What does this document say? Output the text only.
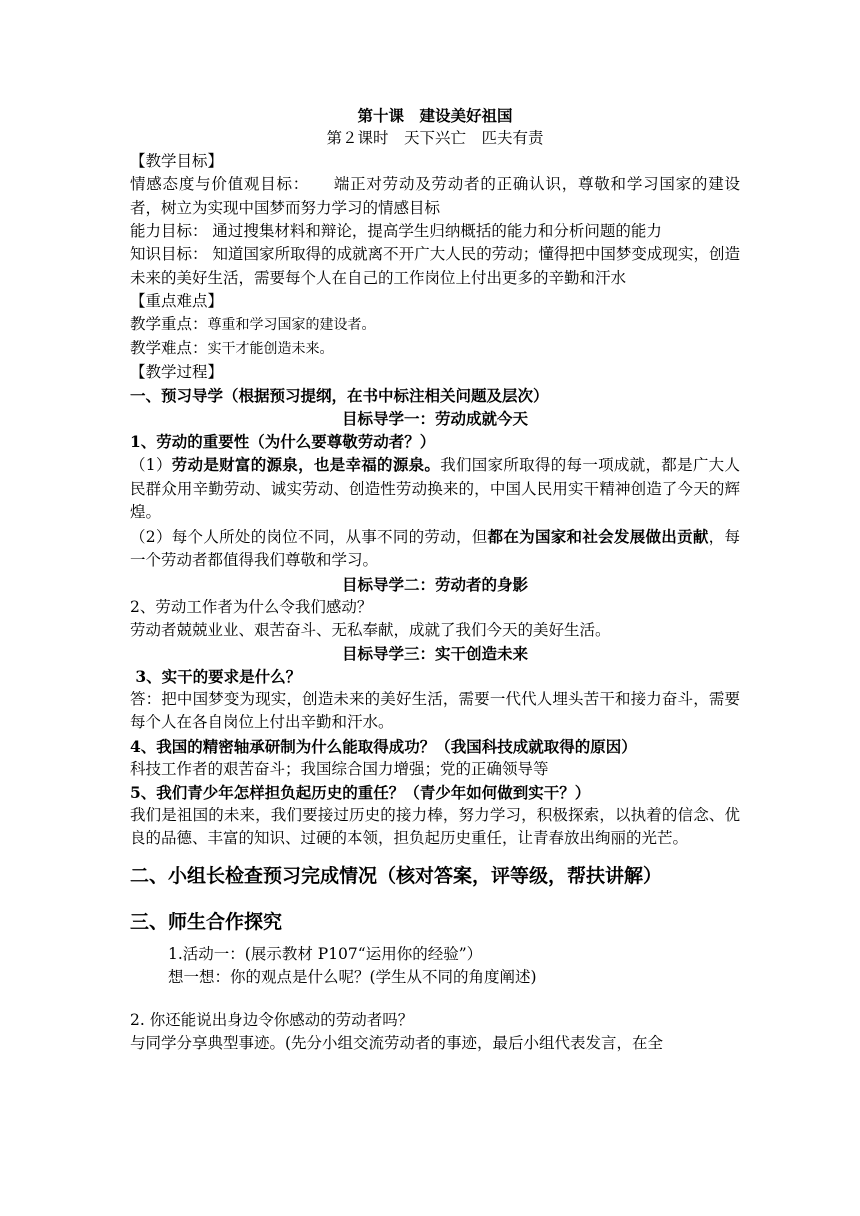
第十课　建设美好祖国
第２课时　天下兴亡　匹夫有责
【教学目标】
情感态度与价值观目标：　　端正对劳动及劳动者的正确认识，尊敬和学习国家的建设者，树立为实现中国梦而努力学习的情感目标
能力目标： 通过搜集材料和辩论，提高学生归纳概括的能力和分析问题的能力
知识目标： 知道国家所取得的成就离不开广大人民的劳动；懂得把中国梦变成现实，创造未来的美好生活，需要每个人在自己的工作岗位上付出更多的辛勤和汗水
【重点难点】
教学重点：尊重和学习国家的建设者。
教学难点：实干才能创造未来。
【教学过程】
一、预习导学（根据预习提纲，在书中标注相关问题及层次）
目标导学一：劳动成就今天
1、劳动的重要性（为什么要尊敬劳动者？）
（1）劳动是财富的源泉，也是幸福的源泉。我们国家所取得的每一项成就，都是广大人民群众用辛勤劳动、诚实劳动、创造性劳动换来的，中国人民用实干精神创造了今天的辉煌。
（2）每个人所处的岗位不同，从事不同的劳动，但都在为国家和社会发展做出贡献，每一个劳动者都值得我们尊敬和学习。
目标导学二：劳动者的身影
2、劳动工作者为什么令我们感动？
劳动者兢兢业业、艰苦奋斗、无私奉献，成就了我们今天的美好生活。
目标导学三：实干创造未来
3、实干的要求是什么？
答：把中国梦变为现实，创造未来的美好生活，需要一代代人埋头苦干和接力奋斗，需要每个人在各自岗位上付出辛勤和汗水。
4、我国的精密轴承研制为什么能取得成功？（我国科技成就取得的原因）
科技工作者的艰苦奋斗；我国综合国力增强；党的正确领导等
5、我们青少年怎样担负起历史的重任？（青少年如何做到实干？）
我们是祖国的未来，我们要接过历史的接力棒，努力学习，积极探索，以执着的信念、优良的品德、丰富的知识、过硬的本领，担负起历史重任，让青春放出绚丽的光芒。
二、小组长检查预习完成情况（核对答案，评等级，帮扶讲解）
三、师生合作探究
1.活动一：(展示教材 P107“运用你的经验”）
想一想：你的观点是什么呢？(学生从不同的角度阐述)
2. 你还能说出身边令你感动的劳动者吗？
与同学分享典型事迹。(先分小组交流劳动者的事迹，最后小组代表发言，在全
